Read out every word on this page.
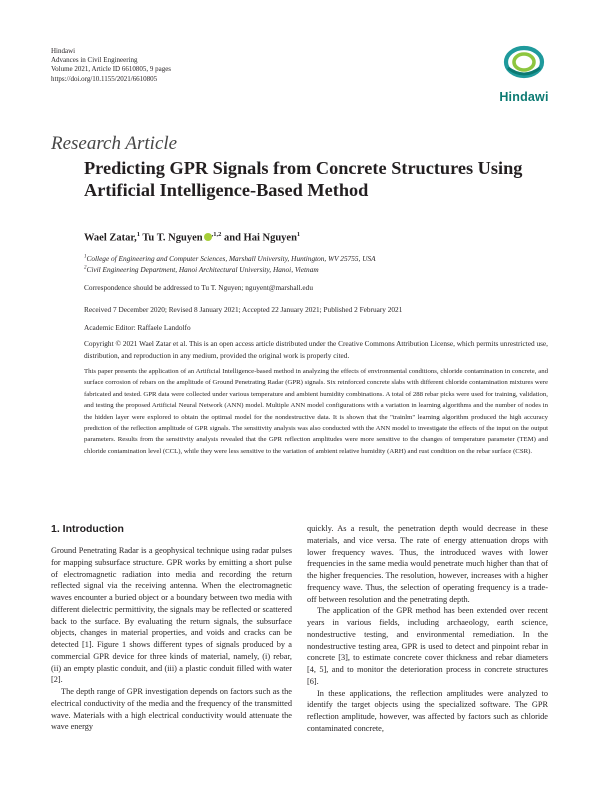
Hindawi
Advances in Civil Engineering
Volume 2021, Article ID 6610805, 9 pages
https://doi.org/10.1155/2021/6610805
Hindawi
Research Article
Predicting GPR Signals from Concrete Structures Using Artificial Intelligence-Based Method
Wael Zatar,$^1$ Tu T. Nguyen $^{,1,2}$ and Hai Nguyen$^1$
$^1$College of Engineering and Computer Sciences, Marshall University, Huntington, WV 25755, USA
$^2$Civil Engineering Department, Hanoi Architectural University, Hanoi, Vietnam
Correspondence should be addressed to Tu T. Nguyen; nguyent@marshall.edu
Received 7 December 2020; Revised 8 January 2021; Accepted 22 January 2021; Published 2 February 2021
Academic Editor: Raffaele Landolfo
Copyright © 2021 Wael Zatar et al. This is an open access article distributed under the Creative Commons Attribution License, which permits unrestricted use, distribution, and reproduction in any medium, provided the original work is properly cited.
This paper presents the application of an Artificial Intelligence-based method in analyzing the effects of environmental conditions, chloride contamination in concrete, and surface corrosion of rebars on the amplitude of Ground Penetrating Radar (GPR) signals. Six reinforced concrete slabs with different chloride contamination mixtures were fabricated and tested. GPR data were collected under various temperature and ambient humidity combinations. A total of 288 rebar picks were used for training, validation, and testing the proposed Artificial Neural Network (ANN) model. Multiple ANN model configurations with a variation in learning algorithms and the number of nodes in the hidden layer were explored to obtain the optimal model for the nondestructive data. It is shown that the "trainlm" learning algorithm produced the high accuracy prediction of the reflection amplitude of GPR signals. The sensitivity analysis was also conducted with the ANN model to investigate the effects of the input on the output parameters. Results from the sensitivity analysis revealed that the GPR reflection amplitudes were more sensitive to the changes of temperature parameter (TEM) and chloride contamination level (CCL), while they were less sensitive to the variation of ambient relative humidity (ARH) and rust condition on the rebar surface (CSR).
1. Introduction

Ground Penetrating Radar is a geophysical technique using radar pulses for mapping subsurface structure. GPR works by emitting a short pulse of electromagnetic radiation into media and recording the return reflected signal via the receiving antenna. When the electromagnetic waves encounter a buried object or a boundary between two media with different dielectric permittivity, the signals may be reflected or scattered back to the surface. By evaluating the return signals, the subsurface objects, changes in material properties, and voids and cracks can be detected [1]. Figure 1 shows different types of signals produced by a commercial GPR device for three kinds of material, namely, (i) rebar, (ii) an empty plastic conduit, and (iii) a plastic conduit filled with water [2].

The depth range of GPR investigation depends on factors such as the electrical conductivity of the media and the frequency of the transmitted wave. Materials with a high electrical conductivity would attenuate the wave energy

quickly. As a result, the penetration depth would decrease in these materials, and vice versa. The rate of energy attenuation drops with lower frequency waves. Thus, the introduced waves with lower frequencies in the same media would penetrate much higher than that of the higher frequencies. The resolution, however, increases with a higher frequency wave. Thus, the selection of operating frequency is a trade-off between resolution and the penetrating depth.

The application of the GPR method has been extended over recent years in various fields, including archaeology, earth science, nondestructive testing, and environmental remediation. In the nondestructive testing area, GPR is used to detect and pinpoint rebar in concrete [3], to estimate concrete cover thickness and rebar diameters [4, 5], and to monitor the deterioration process in concrete structures [6].

In these applications, the reflection amplitudes were analyzed to identify the target objects using the specialized software. The GPR reflection amplitude, however, was affected by factors such as chloride contaminated concrete,
